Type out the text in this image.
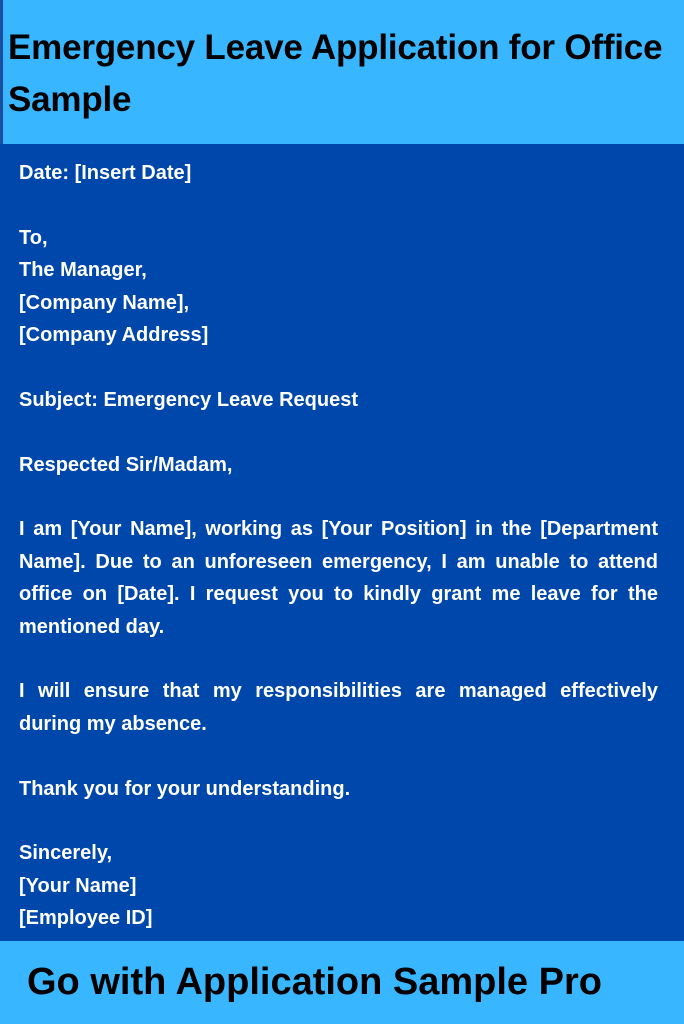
Emergency Leave Application for Office Sample

Date: [Insert Date]

To,
The Manager,
[Company Name],
[Company Address]

Subject: Emergency Leave Request

Respected Sir/Madam,

I am [Your Name], working as [Your Position] in the [Department Name]. Due to an unforeseen emergency, I am unable to attend office on [Date]. I request you to kindly grant me leave for the mentioned day.

I will ensure that my responsibilities are managed effectively during my absence.

Thank you for your understanding.

Sincerely,
[Your Name]
[Employee ID]

Go with Application Sample Pro
